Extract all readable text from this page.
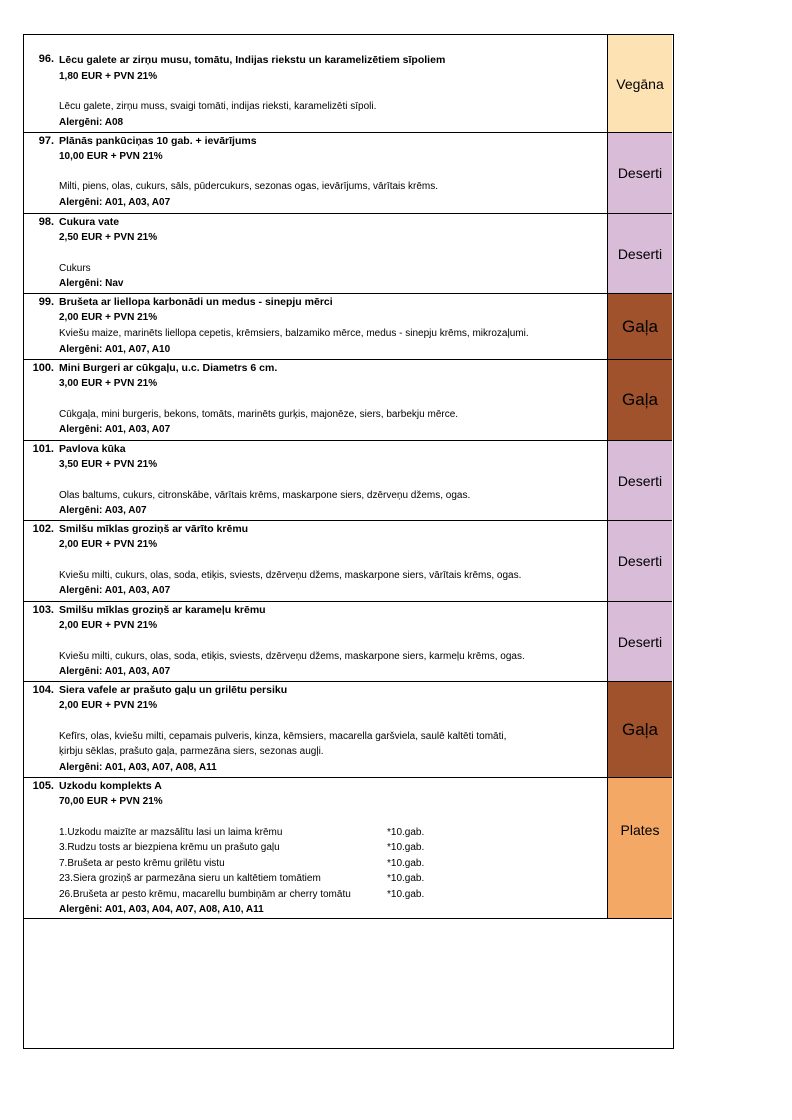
96. Lēcu galete ar zirņu musu, tomātu, Indijas riekstu un karamelizētiem sīpoliem
1,80 EUR + PVN 21%
Lēcu galete, zirņu muss, svaigi tomāti, indijas rieksti, karamelizēti sīpoli.
Alergēni: A08
Vegāna
97. Plānās pankūciņas 10 gab. + ievārījums
10,00 EUR + PVN 21%
Milti, piens, olas, cukurs, sāls, pūdercukurs, sezonas ogas, ievārījums, vārītais krēms.
Alergēni: A01, A03, A07
Deserti
98. Cukura vate
2,50 EUR + PVN 21%
Cukurs
Alergēni: Nav
Deserti
99. Brušeta ar liellopa karbonādi un medus - sinepju mērci
2,00 EUR + PVN 21%
Kviešu maize, marinēts liellopa cepetis, krēmsiers, balzamiko mērce, medus - sinepju krēms, mikrozaļumi.
Alergēni: A01, A07, A10
Gaļa
100. Mini Burgeri ar cūkgaļu, u.c. Diametrs 6 cm.
3,00 EUR + PVN 21%
Cūkgaļa, mini burgeris, bekons, tomāts, marinēts gurķis, majonēze, siers, barbekju mērce.
Alergēni: A01, A03, A07
Gaļa
101. Pavlova kūka
3,50 EUR + PVN 21%
Olas baltums, cukurs, citronskābe, vārītais krēms, maskarpone siers, dzērveņu džems, ogas.
Alergēni: A03, A07
Deserti
102. Smilšu mīklas groziņš ar vārīto krēmu
2,00 EUR + PVN 21%
Kviešu milti, cukurs, olas, soda, etiķis, sviests, dzērveņu džems, maskarpone siers, vārītais krēms, ogas.
Alergēni: A01, A03, A07
Deserti
103. Smilšu mīklas groziņš ar karameļu krēmu
2,00 EUR + PVN 21%
Kviešu milti, cukurs, olas, soda, etiķis, sviests, dzērveņu džems, maskarpone siers, karmeļu krēms, ogas.
Alergēni: A01, A03, A07
Deserti
104. Siera vafele ar prašuto gaļu un grilētu persiku
2,00 EUR + PVN 21%
Kefīrs, olas, kviešu milti, cepamais pulveris, kinza, kēmsiers, macarella garšviela, saulē kaltēti tomāti,
ķirbju sēklas, prašuto gaļa, parmezāna siers, sezonas augļi.
Alergēni: A01, A03, A07, A08, A11
Gaļa
105. Uzkodu komplekts A
70,00 EUR + PVN 21%
1.Uzkodu maizīte ar mazsālītu lasi un laima krēmu	*10.gab.
3.Rudzu tosts ar biezpiena krēmu un prašuto gaļu	*10.gab.
7.Brušeta ar pesto krēmu grilētu vistu	*10.gab.
23.Siera groziņš ar parmezāna sieru un kaltētiem tomātiem	*10.gab.
26.Brušeta ar pesto krēmu, macarellu bumbiņām ar cherry tomātu	*10.gab.
Alergēni: A01, A03, A04, A07, A08, A10, A11
Plates
